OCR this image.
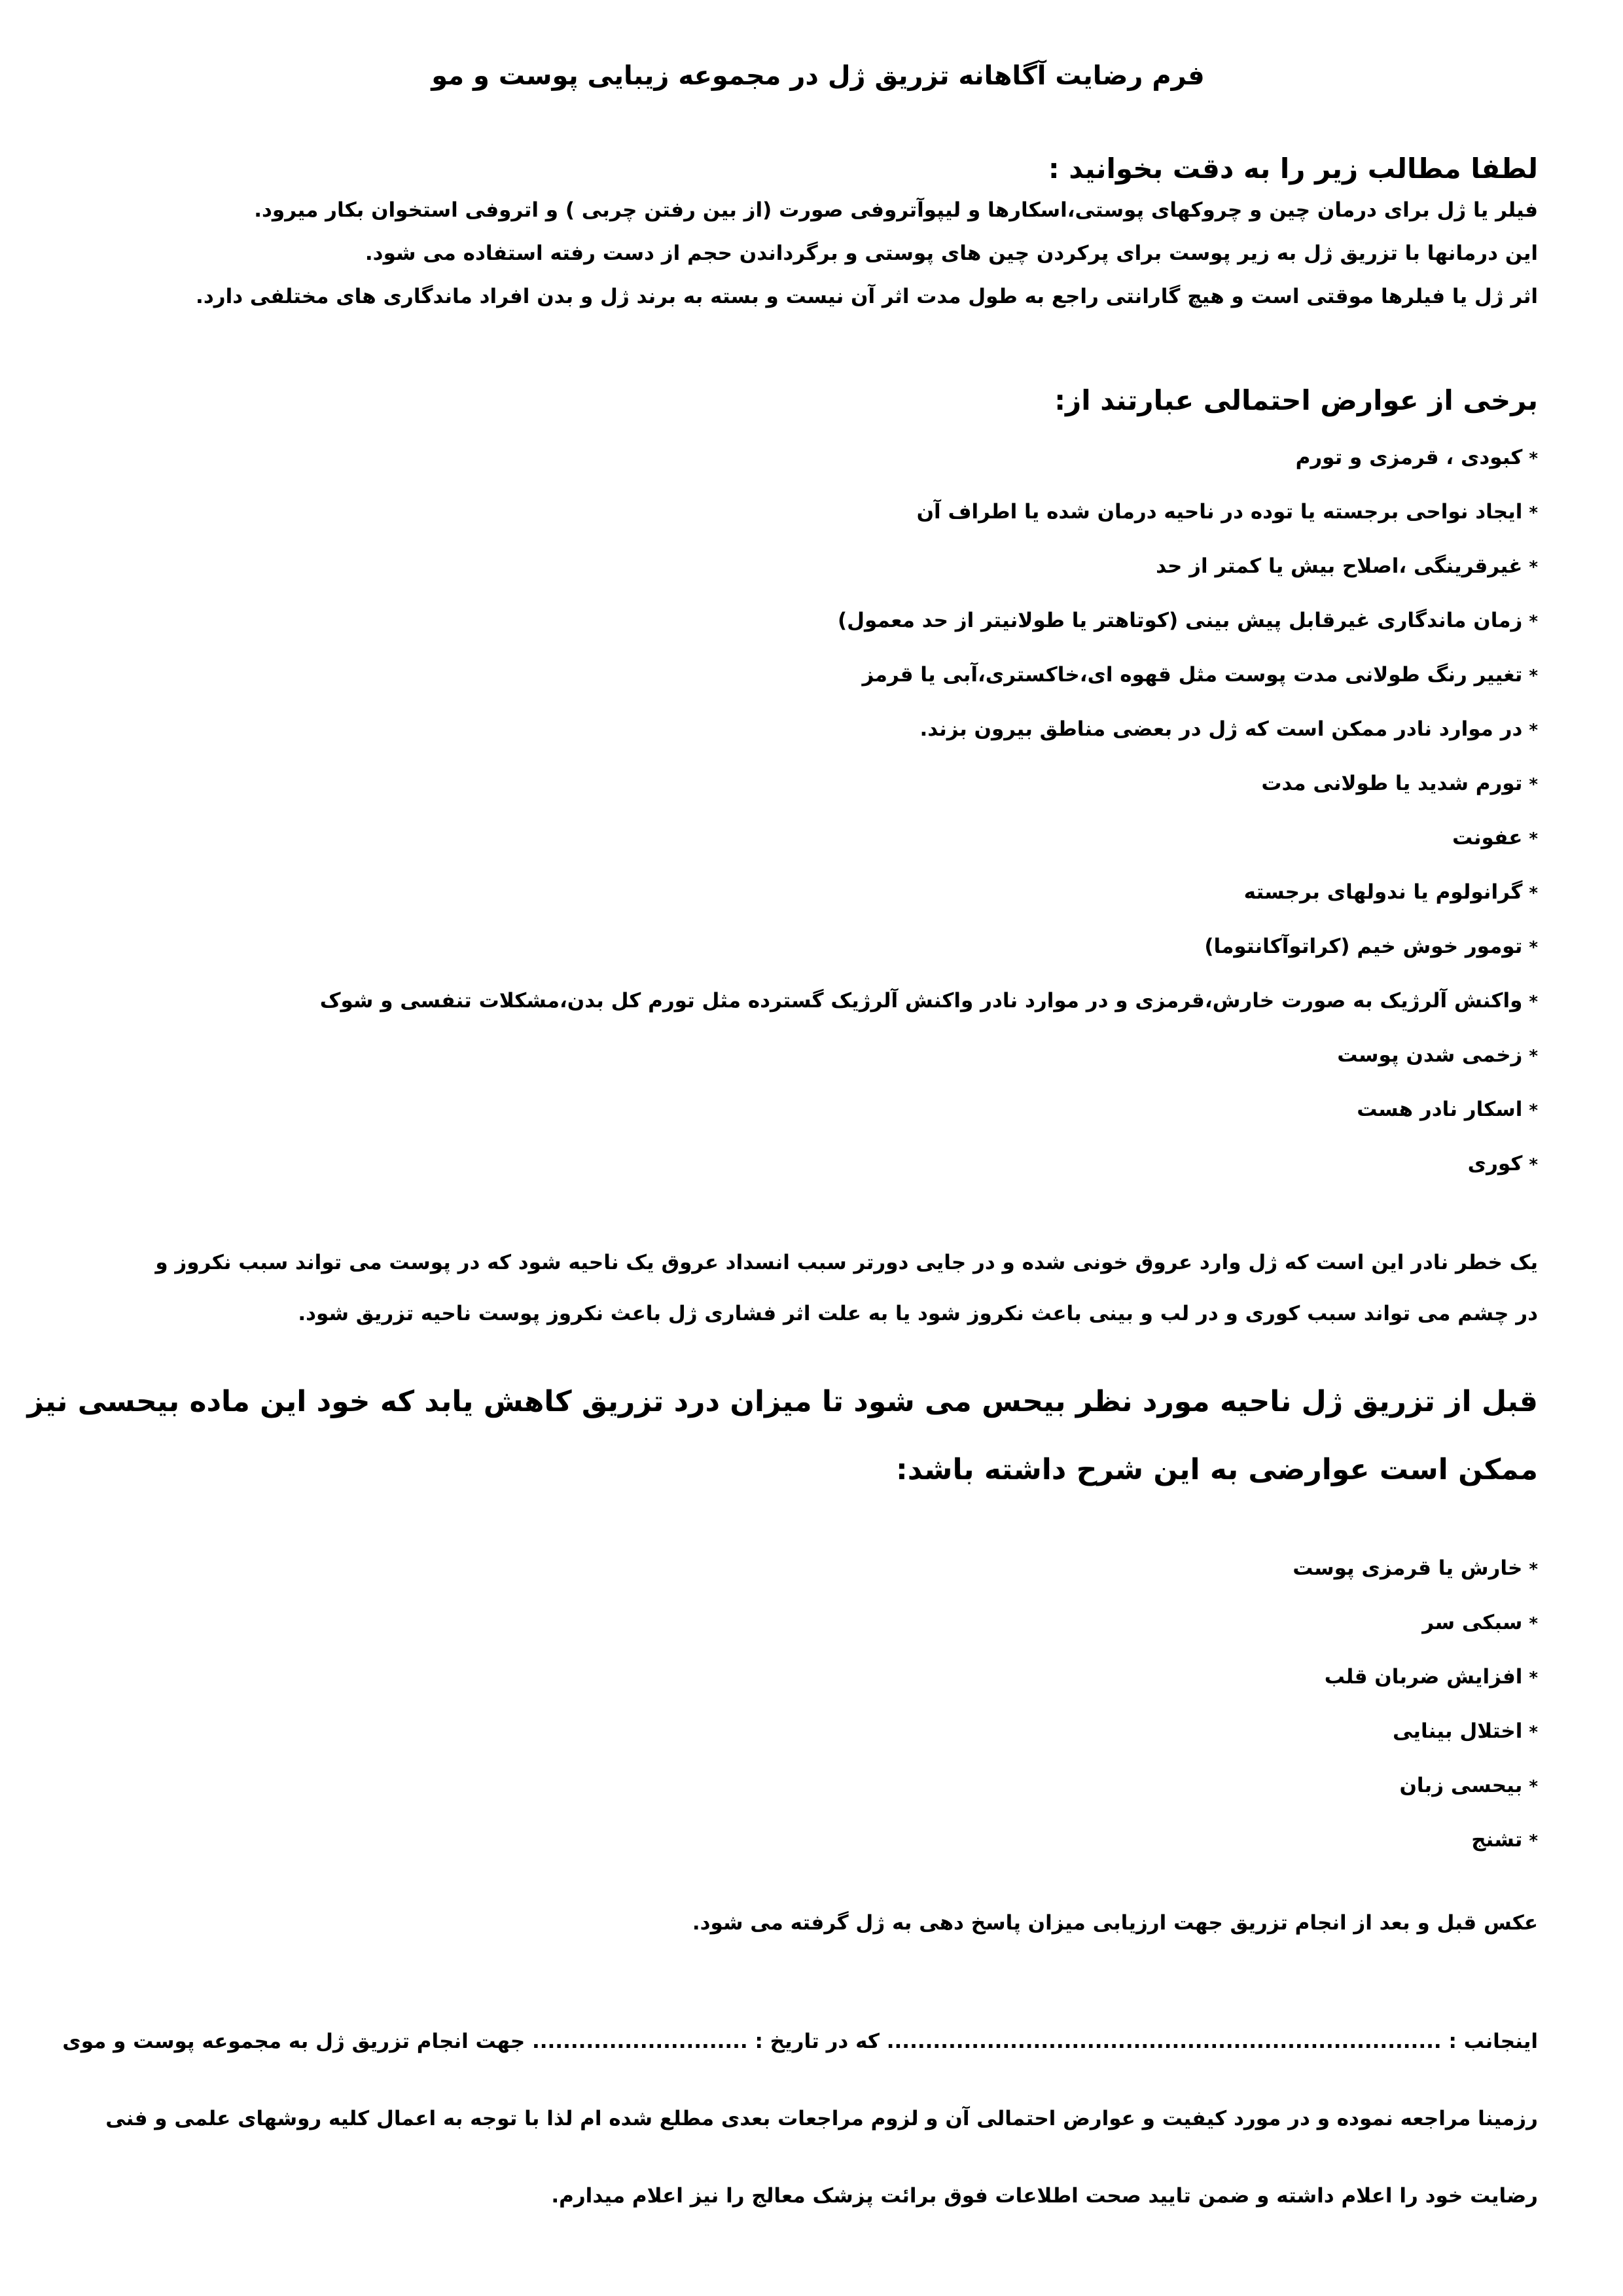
فرم رضایت آگاهانه تزریق ژل در مجموعه زیبایی پوست و مو
لطفا مطالب زیر را به دقت بخوانید :
فیلر یا ژل برای درمان چین و چروکهای پوستی،اسکارها و لیپوآتروفی صورت (از بین رفتن چربی ) و اتروفی استخوان بکار میرود.
این درمانها با تزریق ژل به زیر پوست برای پرکردن چین های پوستی و برگرداندن حجم از دست رفته استفاده می شود.
اثر ژل یا فیلرها موقتی است و هیچ گارانتی راجع به طول مدت اثر آن نیست و بسته به برند ژل و بدن افراد ماندگاری های مختلفی دارد.
برخی از عوارض احتمالی عبارتند از:
*کبودی ، قرمزی و تورم
*ایجاد نواحی برجسته یا توده در ناحیه درمان شده یا اطراف آن
*غیرقرینگی ،اصلاح بیش یا کمتر از حد
*زمان ماندگاری غیرقابل پیش بینی (کوتاهتر یا طولانیتر از حد معمول)
*تغییر رنگ طولانی مدت پوست مثل قهوه ای،خاکستری،آبی یا قرمز
*در موارد نادر ممکن است که ژل در بعضی مناطق بیرون بزند.
*تورم شدید یا طولانی مدت
*عفونت
*گرانولوم یا ندولهای برجسته
*تومور خوش خیم (کراتوآکانتوما)
*واکنش آلرژیک به صورت خارش،قرمزی و در موارد نادر واکنش آلرژیک گسترده مثل تورم کل بدن،مشکلات تنفسی و شوک
*زخمی شدن پوست
*اسکار نادر هست
*کوری
یک خطر نادر این است که ژل وارد عروق خونی شده و در جایی دورتر سبب انسداد عروق یک ناحیه شود که در پوست می تواند سبب نکروز و
در چشم می تواند سبب کوری و در لب و بینی باعث نکروز شود یا به علت اثر فشاری ژل باعث نکروز پوست ناحیه تزریق شود.
قبل از تزریق ژل ناحیه مورد نظر بیحس می شود تا میزان درد تزریق کاهش یابد که خود این ماده بیحسی نیز
ممکن است عوارضی به این شرح داشته باشد:
*خارش یا قرمزی پوست
*سبکی سر
*افزایش ضربان قلب
*اختلال بینایی
*بیحسی زبان
*تشنج
عکس قبل و بعد از انجام تزریق جهت ارزیابی میزان پاسخ دهی به ژل گرفته می شود.
اینجانب : ........................................................................ که در تاریخ : ............................ جهت انجام تزریق ژل به مجموعه پوست و موی
رزمینا مراجعه نموده و در مورد کیفیت و عوارض احتمالی آن و لزوم مراجعات بعدی مطلع شده ام لذا با توجه به اعمال کلیه روشهای علمی و فنی
رضایت خود را اعلام داشته و ضمن تایید صحت اطلاعات فوق برائت پزشک معالج را نیز اعلام میدارم.
